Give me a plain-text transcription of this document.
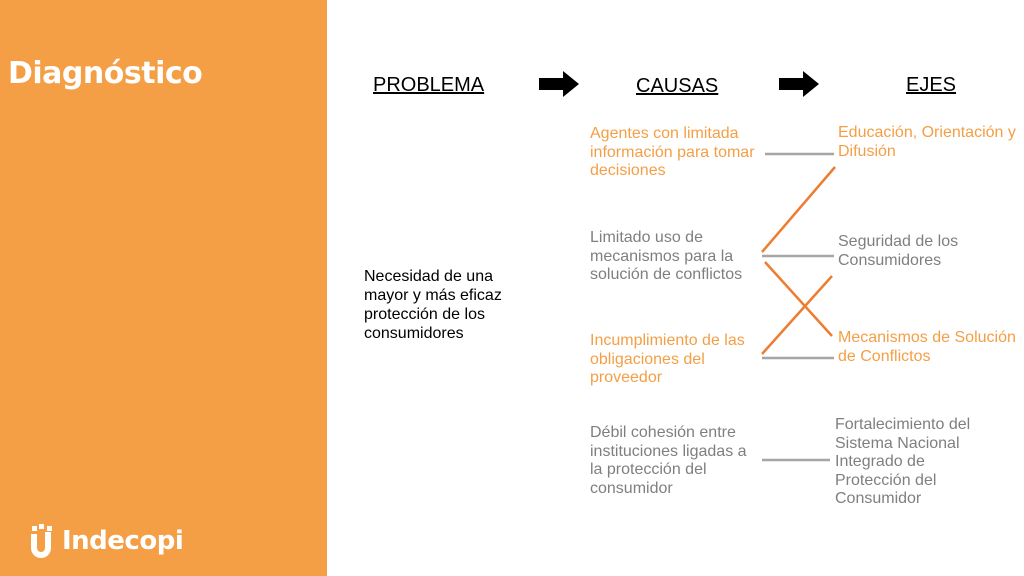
Diagnóstico
Indecopi
PROBLEMA	CAUSAS	EJES
Necesidad de una mayor y más eficaz protección de los consumidores
Agentes con limitada información para tomar decisiones
Limitado uso de mecanismos para la solución de conflictos
Incumplimiento de las obligaciones del proveedor
Débil cohesión entre instituciones ligadas a la protección del consumidor
Educación, Orientación y Difusión
Seguridad de los Consumidores
Mecanismos de Solución de Conflictos
Fortalecimiento del Sistema Nacional Integrado de Protección del Consumidor
